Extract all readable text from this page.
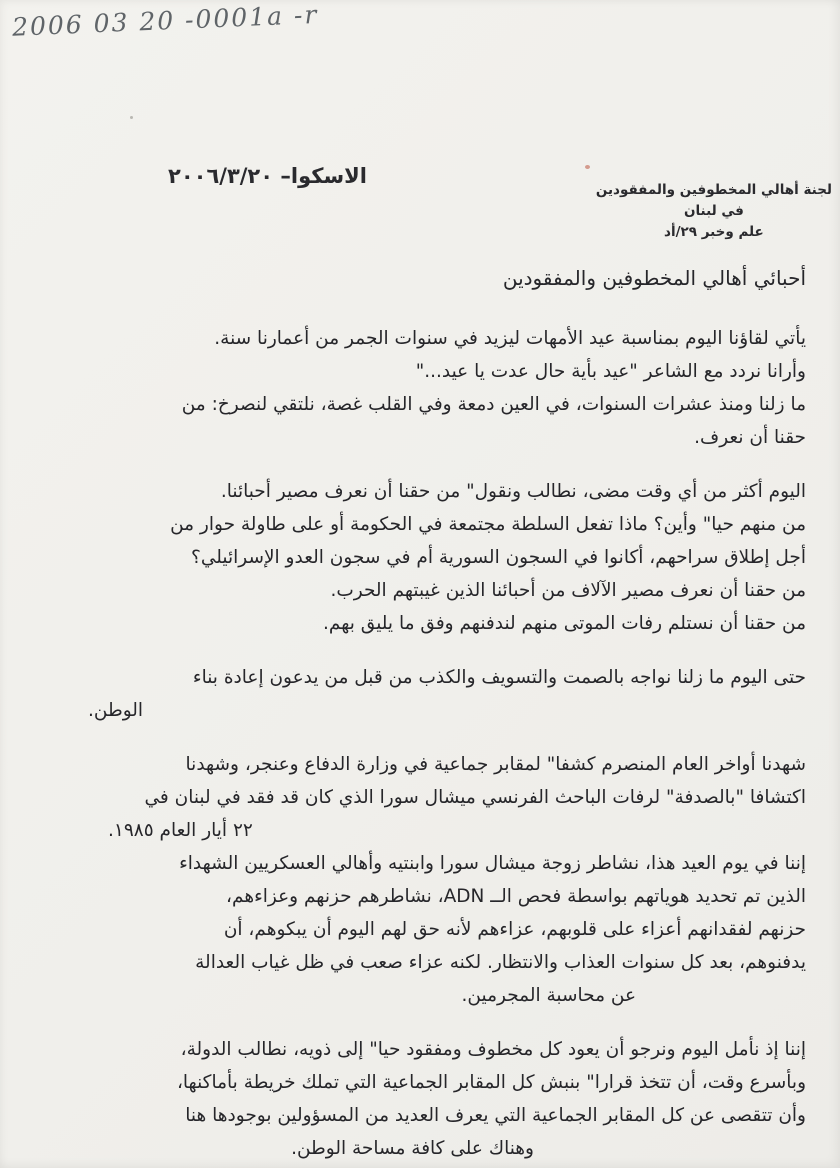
2006 03 20 -0001a -r
الاسكوا– ٢٠٠٦/٣/٢٠
لجنة أهالي المخطوفين والمفقودين
في لبنان
علم وخبر ٢٩/أد
أحبائي أهالي المخطوفين والمفقودين
يأتي لقاؤنا اليوم بمناسبة عيد الأمهات ليزيد في سنوات الجمر من أعمارنا سنة.
وأرانا نردد مع الشاعر "عيد بأية حال عدت يا عيد..."
ما زلنا ومنذ عشرات السنوات، في العين دمعة وفي القلب غصة، نلتقي لنصرخ: من
حقنا أن نعرف.
اليوم أكثر من أي وقت مضى، نطالب ونقول" من حقنا أن نعرف مصير أحبائنا.
من منهم حيا" وأين؟ ماذا تفعل السلطة مجتمعة في الحكومة أو على طاولة حوار من
أجل إطلاق سراحهم، أكانوا في السجون السورية أم في سجون العدو الإسرائيلي؟
من حقنا أن نعرف مصير الآلاف من أحبائنا الذين غيبتهم الحرب.
من حقنا أن نستلم رفات الموتى منهم لندفنهم وفق ما يليق بهم.
حتى اليوم ما زلنا نواجه بالصمت والتسويف والكذب من قبل من يدعون إعادة بناء
الوطن.
شهدنا أواخر العام المنصرم كشفا" لمقابر جماعية في وزارة الدفاع وعنجر، وشهدنا
اكتشافا "بالصدفة" لرفات الباحث الفرنسي ميشال سورا الذي كان قد فقد في لبنان في
٢٢ أيار العام ١٩٨٥.
إننا في يوم العيد هذا، نشاطر زوجة ميشال سورا وابنتيه وأهالي العسكريين الشهداء
الذين تم تحديد هوياتهم بواسطة فحص الــ ADN، نشاطرهم حزنهم وعزاءهم،
حزنهم لفقدانهم أعزاء على قلوبهم، عزاءهم لأنه حق لهم اليوم أن يبكوهم، أن
يدفنوهم، بعد كل سنوات العذاب والانتظار. لكنه عزاء صعب في ظل غياب العدالة
عن محاسبة المجرمين.
إننا إذ نأمل اليوم ونرجو أن يعود كل مخطوف ومفقود حيا" إلى ذويه، نطالب الدولة،
وبأسرع وقت، أن تتخذ قرارا" بنبش كل المقابر الجماعية التي تملك خريطة بأماكنها،
وأن تتقصى عن كل المقابر الجماعية التي يعرف العديد من المسؤولين بوجودها هنا
وهناك على كافة مساحة الوطن.
